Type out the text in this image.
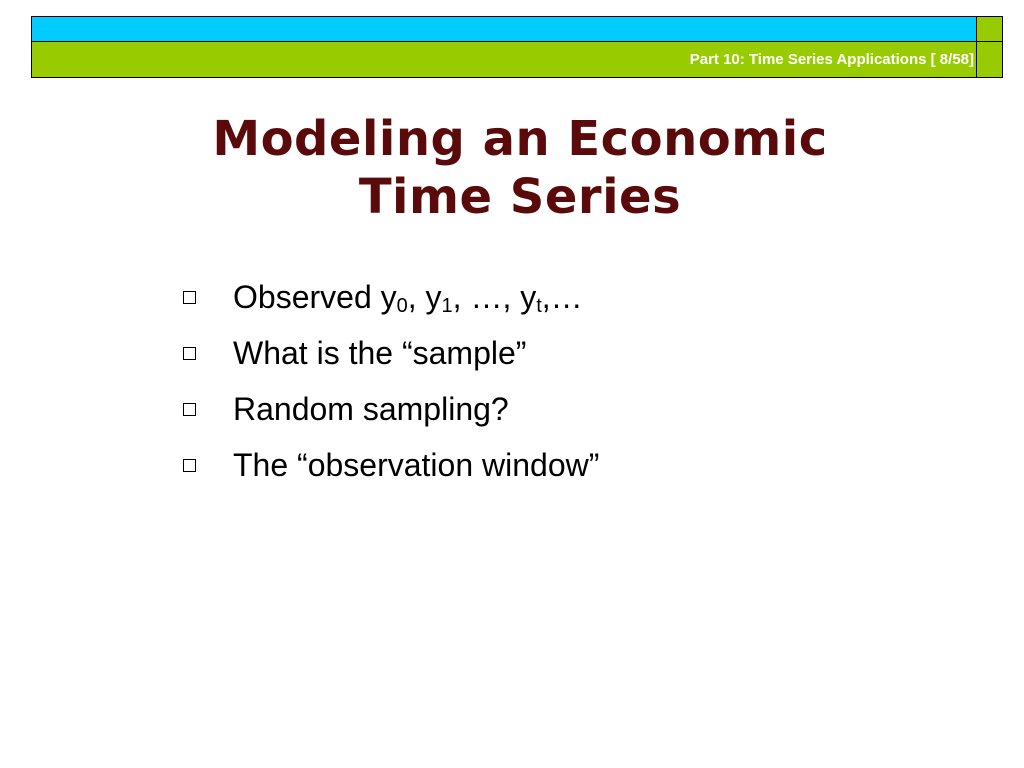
Part 10: Time Series Applications [ 8/58]
Modeling an Economic
Time Series
Observed $y_0$, $y_1$, …, $y_t,\dots$
What is the “sample”
Random sampling?
The “observation window”
